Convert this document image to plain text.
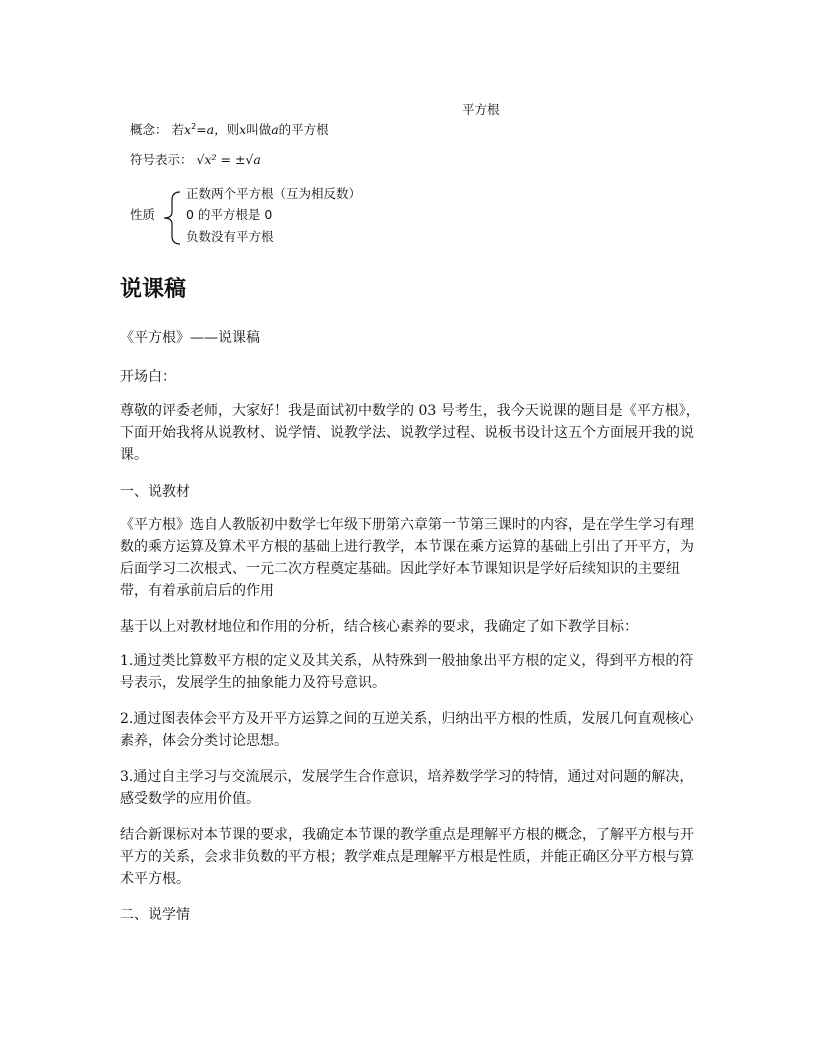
平方根
概念： 若$x^2=a$，则x叫做a的平方根
符号表示： √x² = ±√a
性质
正数两个平方根（互为相反数）
0 的平方根是 0
负数没有平方根
说课稿
《平方根》——说课稿
开场白：
尊敬的评委老师，大家好！我是面试初中数学的 03 号考生，我今天说课的题目是《平方根》，下面开始我将从说教材、说学情、说教学法、说教学过程、说板书设计这五个方面展开我的说课。
一、说教材
《平方根》选自人教版初中数学七年级下册第六章第一节第三课时的内容，是在学生学习有理数的乘方运算及算术平方根的基础上进行教学，本节课在乘方运算的基础上引出了开平方，为后面学习二次根式、一元二次方程奠定基础。因此学好本节课知识是学好后续知识的主要纽带，有着承前启后的作用
基于以上对教材地位和作用的分析，结合核心素养的要求，我确定了如下教学目标：
1.通过类比算数平方根的定义及其关系，从特殊到一般抽象出平方根的定义，得到平方根的符号表示，发展学生的抽象能力及符号意识。
2.通过图表体会平方及开平方运算之间的互逆关系，归纳出平方根的性质，发展几何直观核心素养，体会分类讨论思想。
3.通过自主学习与交流展示，发展学生合作意识，培养数学学习的特情，通过对问题的解决，感受数学的应用价值。
结合新课标对本节课的要求，我确定本节课的教学重点是理解平方根的概念，了解平方根与开平方的关系，会求非负数的平方根；教学难点是理解平方根是性质，并能正确区分平方根与算术平方根。
二、说学情
